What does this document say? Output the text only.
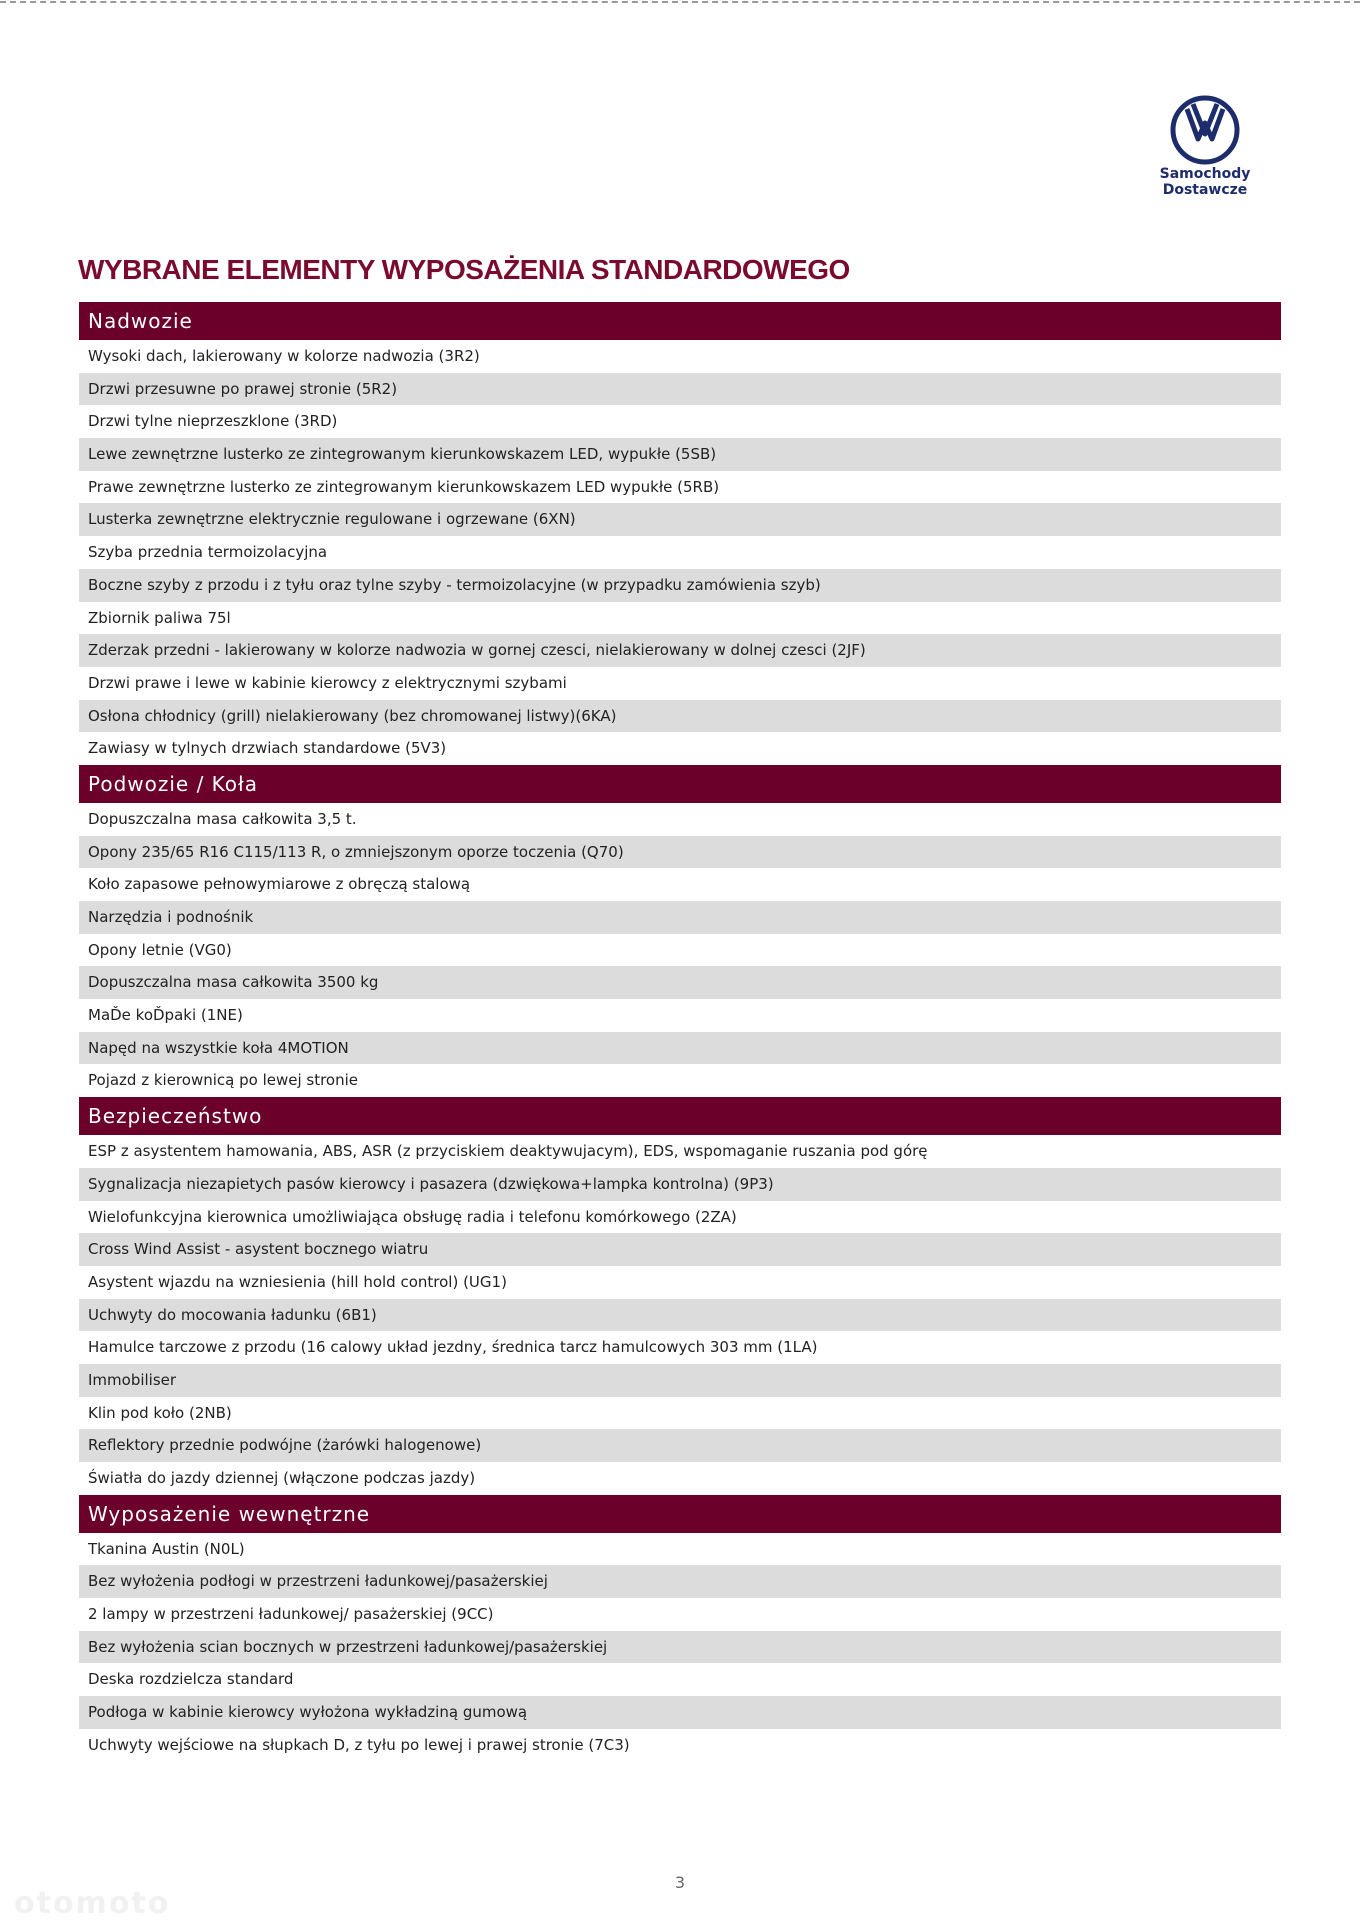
Samochody
Dostawcze
WYBRANE ELEMENTY WYPOSAŻENIA STANDARDOWEGO
Nadwozie
Wysoki dach, lakierowany w kolorze nadwozia (3R2)
Drzwi przesuwne po prawej stronie (5R2)
Drzwi tylne nieprzeszklone (3RD)
Lewe zewnętrzne lusterko ze zintegrowanym kierunkowskazem LED, wypukłe (5SB)
Prawe zewnętrzne lusterko ze zintegrowanym kierunkowskazem LED wypukłe (5RB)
Lusterka zewnętrzne elektrycznie regulowane i ogrzewane (6XN)
Szyba przednia termoizolacyjna
Boczne szyby z przodu i z tyłu oraz tylne szyby - termoizolacyjne (w przypadku zamówienia szyb)
Zbiornik paliwa 75l
Zderzak przedni - lakierowany w kolorze nadwozia w gornej czesci, nielakierowany w dolnej czesci (2JF)
Drzwi prawe i lewe w kabinie kierowcy z elektrycznymi szybami
Osłona chłodnicy (grill) nielakierowany (bez chromowanej listwy)(6KA)
Zawiasy w tylnych drzwiach standardowe (5V3)
Podwozie / Koła
Dopuszczalna masa całkowita 3,5 t.
Opony 235/65 R16 C115/113 R, o zmniejszonym oporze toczenia (Q70)
Koło zapasowe pełnowymiarowe z obręczą stalową
Narzędzia i podnośnik
Opony letnie (VG0)
Dopuszczalna masa całkowita 3500 kg
MaĎe koĎpaki (1NE)
Napęd na wszystkie koła 4MOTION
Pojazd z kierownicą po lewej stronie
Bezpieczeństwo
ESP z asystentem hamowania, ABS, ASR (z przyciskiem deaktywujacym), EDS, wspomaganie ruszania pod górę
Sygnalizacja niezapietych pasów kierowcy i pasazera (dzwiękowa+lampka kontrolna) (9P3)
Wielofunkcyjna kierownica umożliwiająca obsługę radia i telefonu komórkowego (2ZA)
Cross Wind Assist - asystent bocznego wiatru
Asystent wjazdu na wzniesienia (hill hold control) (UG1)
Uchwyty do mocowania ładunku (6B1)
Hamulce tarczowe z przodu (16 calowy układ jezdny, średnica tarcz hamulcowych 303 mm (1LA)
Immobiliser
Klin pod koło (2NB)
Reflektory przednie podwójne (żarówki halogenowe)
Światła do jazdy dziennej (włączone podczas jazdy)
Wyposażenie wewnętrzne
Tkanina Austin (N0L)
Bez wyłożenia podłogi w przestrzeni ładunkowej/pasażerskiej
2 lampy w przestrzeni ładunkowej/ pasażerskiej (9CC)
Bez wyłożenia scian bocznych w przestrzeni ładunkowej/pasażerskiej
Deska rozdzielcza standard
Podłoga w kabinie kierowcy wyłożona wykładziną gumową
Uchwyty wejściowe na słupkach D, z tyłu po lewej i prawej stronie (7C3)
3
otomoto
